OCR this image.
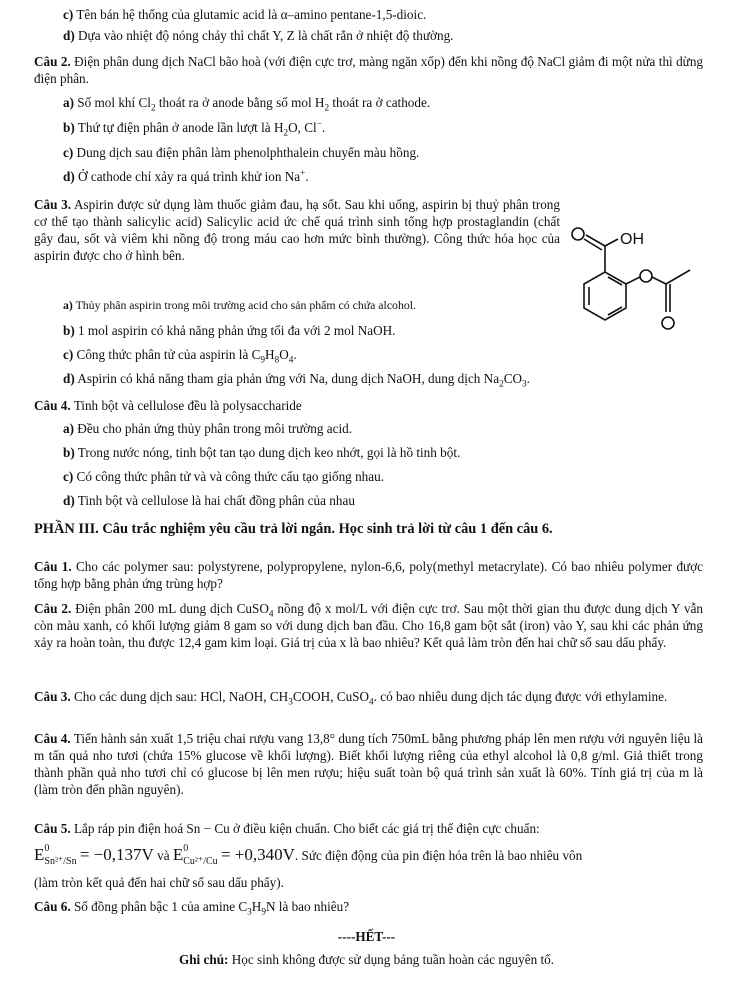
c) Tên bán hệ thống của glutamic acid là α–amino pentane-1,5-dioic.
d) Dựa vào nhiệt độ nóng chảy thì chất Y, Z là chất rắn ở nhiệt độ thường.
Câu 2. Điện phân dung dịch NaCl bão hoà (với điện cực trơ, màng ngăn xốp) đến khi nồng độ NaCl giảm đi một nửa thì dừng điện phân.
a) Số mol khí $Cl_2$ thoát ra ở anode bằng số mol $H_2$ thoát ra ở cathode.
b) Thứ tự điện phân ở anode lần lượt là $H_2O$, Cl−.
c) Dung dịch sau điện phân làm phenolphthalein chuyển màu hồng.
d) Ở cathode chỉ xảy ra quá trình khử ion Na+.
Câu 3. Aspirin được sử dụng làm thuốc giảm đau, hạ sốt. Sau khi uống, aspirin bị thuỷ phân trong cơ thể tạo thành salicylic acid) Salicylic acid ức chế quá trình sinh tổng hợp prostaglandin (chất gây đau, sốt và viêm khi nồng độ trong máu cao hơn mức bình thường). Công thức hóa học của aspirin được cho ở hình bên.
OH
a) Thủy phân aspirin trong môi trường acid cho sản phẩm có chứa alcohol.
b) 1 mol aspirin có khả năng phản ứng tối đa với 2 mol NaOH.
c) Công thức phân tử của aspirin là $C_9H_8O_4$.
d) Aspirin có khả năng tham gia phản ứng với Na, dung dịch NaOH, dung dịch $Na_2CO_3$.
Câu 4. Tinh bột và cellulose đều là polysaccharide
a) Đều cho phản ứng thủy phân trong môi trường acid.
b) Trong nước nóng, tinh bột tan tạo dung dịch keo nhớt, gọi là hồ tinh bột.
c) Có công thức phân tử và và công thức cấu tạo giống nhau.
d) Tinh bột và cellulose là hai chất đồng phân của nhau
PHẦN III. Câu trắc nghiệm yêu cầu trả lời ngắn. Học sinh trả lời từ câu 1 đến câu 6.
Câu 1. Cho các polymer sau: polystyrene, polypropylene, nylon-6,6, poly(methyl metacrylate). Có bao nhiêu polymer được tổng hợp bằng phản ứng trùng hợp?
Câu 2. Điện phân 200 mL dung dịch CuSO$_4$ nồng độ x mol/L với điện cực trơ. Sau một thời gian thu được dung dịch Y vẫn còn màu xanh, có khối lượng giảm 8 gam so với dung dịch ban đầu. Cho 16,8 gam bột sắt (iron) vào Y, sau khi các phản ứng xảy ra hoàn toàn, thu được 12,4 gam kim loại. Giá trị của x là bao nhiêu? Kết quả làm tròn đến hai chữ số sau dấu phẩy.
Câu 3. Cho các dung dịch sau: HCl, NaOH, $CH_3COOH$, CuSO$_4$. có bao nhiêu dung dịch tác dụng được với ethylamine.
Câu 4. Tiến hành sản xuất 1,5 triệu chai rượu vang 13,8° dung tích 750mL bằng phương pháp lên men rượu với nguyên liệu là m tấn quả nho tươi (chứa 15% glucose về khối lượng). Biết khối lượng riêng của ethyl alcohol là 0,8 g/ml. Giả thiết trong thành phần quả nho tươi chỉ có glucose bị lên men rượu; hiệu suất toàn bộ quá trình sản xuất là 60%. Tính giá trị của m là (làm tròn đến phần nguyên).
Câu 5. Lắp ráp pin điện hoá Sn − Cu ở điều kiện chuẩn. Cho biết các giá trị thế điện cực chuẩn:
E 0
$_{Sn^{2+}/Sn}$ = −0,137V và E 0
$_{Cu^{2+}/Cu}$ = +0,340V. Sức điện động của pin điện hóa trên là bao nhiêu vôn
(làm tròn kết quả đến hai chữ số sau dấu phẩy).
Câu 6. Số đồng phân bậc 1 của amine $C_3H_9N$ là bao nhiêu?
----HẾT---
Ghi chú: Học sinh không được sử dụng bảng tuần hoàn các nguyên tố.
